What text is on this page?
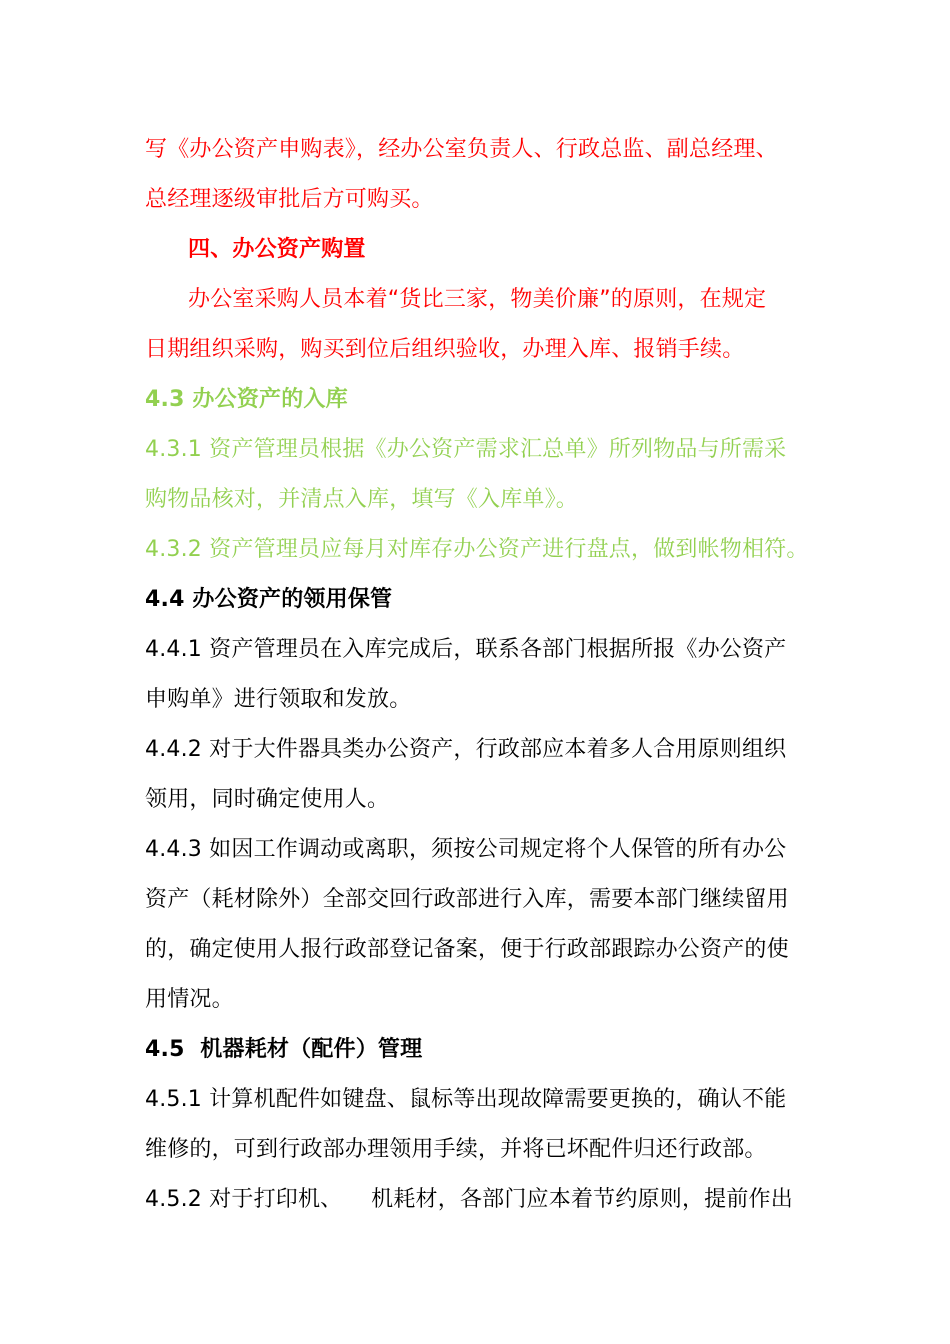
写《办公资产申购表》，经办公室负责人、行政总监、副总经理、
总经理逐级审批后方可购买。
四、办公资产购置
办公室采购人员本着“货比三家，物美价廉”的原则，在规定
日期组织采购，购买到位后组织验收，办理入库、报销手续。
4.3 办公资产的入库
4.3.1 资产管理员根据《办公资产需求汇总单》所列物品与所需采
购物品核对，并清点入库，填写《入库单》。
4.3.2 资产管理员应每月对库存办公资产进行盘点，做到帐物相符。
4.4 办公资产的领用保管
4.4.1 资产管理员在入库完成后，联系各部门根据所报《办公资产
申购单》进行领取和发放。
4.4.2 对于大件器具类办公资产，行政部应本着多人合用原则组织
领用，同时确定使用人。
4.4.3 如因工作调动或离职，须按公司规定将个人保管的所有办公
资产（耗材除外）全部交回行政部进行入库，需要本部门继续留用
的，确定使用人报行政部登记备案，便于行政部跟踪办公资产的使
用情况。
4.5  机器耗材（配件）管理
4.5.1 计算机配件如键盘、鼠标等出现故障需要更换的，确认不能
维修的，可到行政部办理领用手续，并将已坏配件归还行政部。
4.5.2 对于打印机、    机耗材，各部门应本着节约原则，提前作出
